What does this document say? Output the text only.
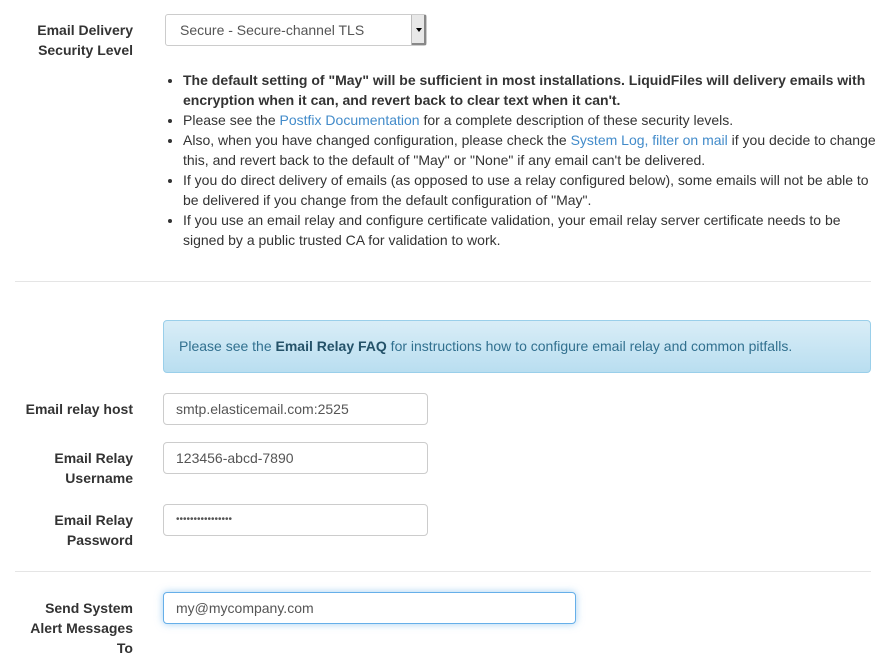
Email Delivery
Security Level
Secure - Secure-channel TLS
• The default setting of "May" will be sufficient in most installations. LiquidFiles will delivery emails with encryption when it can, and revert back to clear text when it can't.
• Please see the Postfix Documentation for a complete description of these security levels.
• Also, when you have changed configuration, please check the System Log, filter on mail if you decide to change this, and revert back to the default of "May" or "None" if any email can't be delivered.
• If you do direct delivery of emails (as opposed to use a relay configured below), some emails will not be able to be delivered if you change from the default configuration of "May".
• If you use an email relay and configure certificate validation, your email relay server certificate needs to be signed by a public trusted CA for validation to work.
Please see the Email Relay FAQ for instructions how to configure email relay and common pitfalls.
Email relay host	smtp.elasticemail.com:2525
Email Relay
Username
123456-abcd-7890
Email Relay
Password
••••••••••••••••
Send System
Alert Messages
To
my@mycompany.com
